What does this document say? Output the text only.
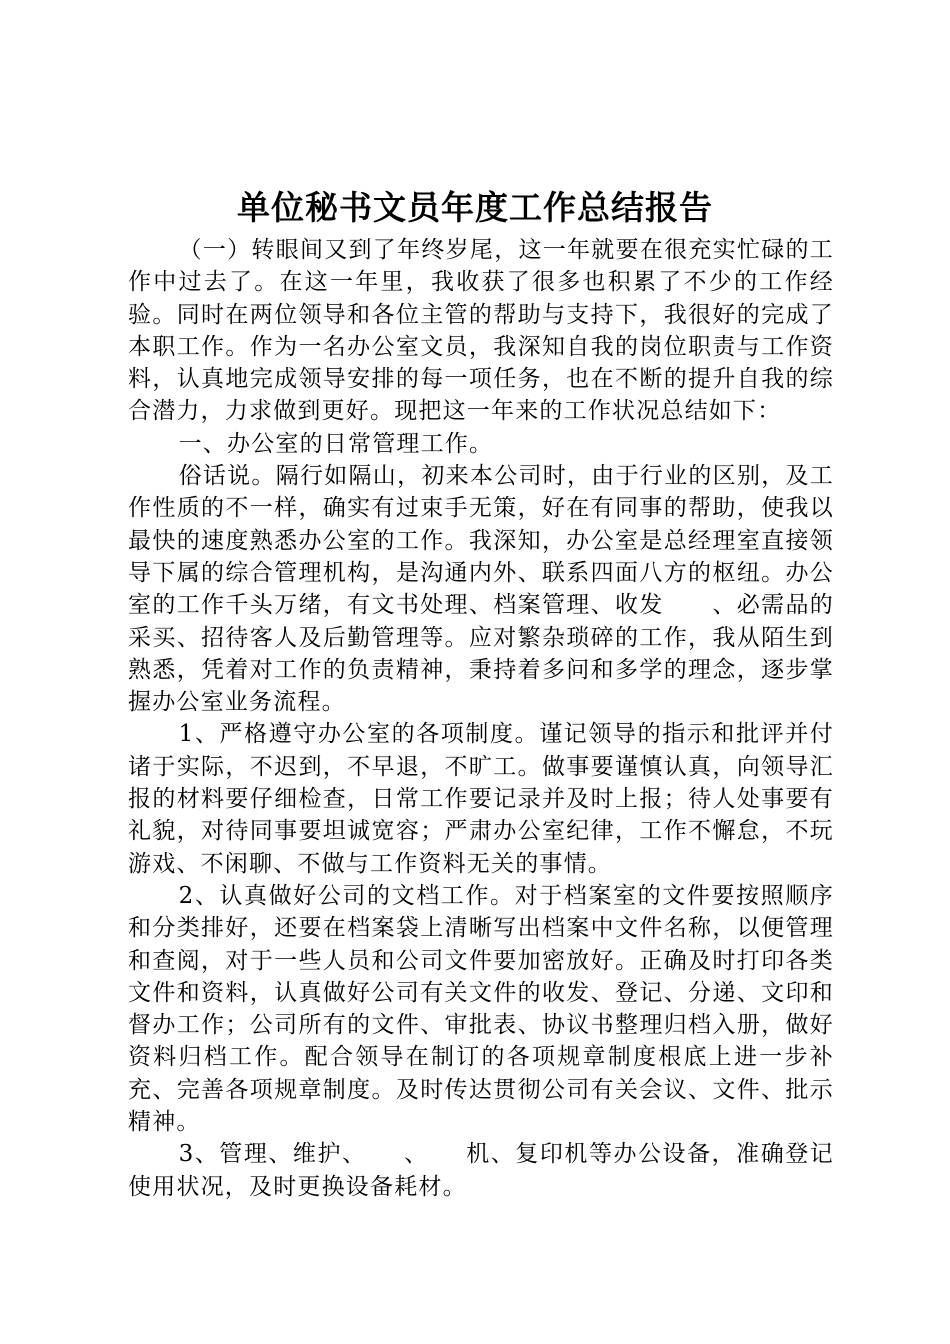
单位秘书文员年度工作总结报告

（一）转眼间又到了年终岁尾，这一年就要在很充实忙碌的工作中过去了。在这一年里，我收获了很多也积累了不少的工作经验。同时在两位领导和各位主管的帮助与支持下，我很好的完成了本职工作。作为一名办公室文员，我深知自我的岗位职责与工作资料，认真地完成领导安排的每一项任务，也在不断的提升自我的综合潜力，力求做到更好。现把这一年来的工作状况总结如下：

一、办公室的日常管理工作。

俗话说。隔行如隔山，初来本公司时，由于行业的区别，及工作性质的不一样，确实有过束手无策，好在有同事的帮助，使我以最快的速度熟悉办公室的工作。我深知，办公室是总经理室直接领导下属的综合管理机构，是沟通内外、联系四面八方的枢纽。办公室的工作千头万绪，有文书处理、档案管理、收发　　、必需品的采买、招待客人及后勤管理等。应对繁杂琐碎的工作，我从陌生到熟悉，凭着对工作的负责精神，秉持着多问和多学的理念，逐步掌握办公室业务流程。

1、严格遵守办公室的各项制度。谨记领导的指示和批评并付诸于实际，不迟到，不早退，不旷工。做事要谨慎认真，向领导汇报的材料要仔细检查，日常工作要记录并及时上报；待人处事要有礼貌，对待同事要坦诚宽容；严肃办公室纪律，工作不懈怠，不玩游戏、不闲聊、不做与工作资料无关的事情。

2、认真做好公司的文档工作。对于档案室的文件要按照顺序和分类排好，还要在档案袋上清晰写出档案中文件名称，以便管理和查阅，对于一些人员和公司文件要加密放好。正确及时打印各类文件和资料，认真做好公司有关文件的收发、登记、分递、文印和督办工作；公司所有的文件、审批表、协议书整理归档入册，做好资料归档工作。配合领导在制订的各项规章制度根底上进一步补充、完善各项规章制度。及时传达贯彻公司有关会议、文件、批示精神。

3、管理、维护、　　、　　机、复印机等办公设备，准确登记使用状况，及时更换设备耗材。
